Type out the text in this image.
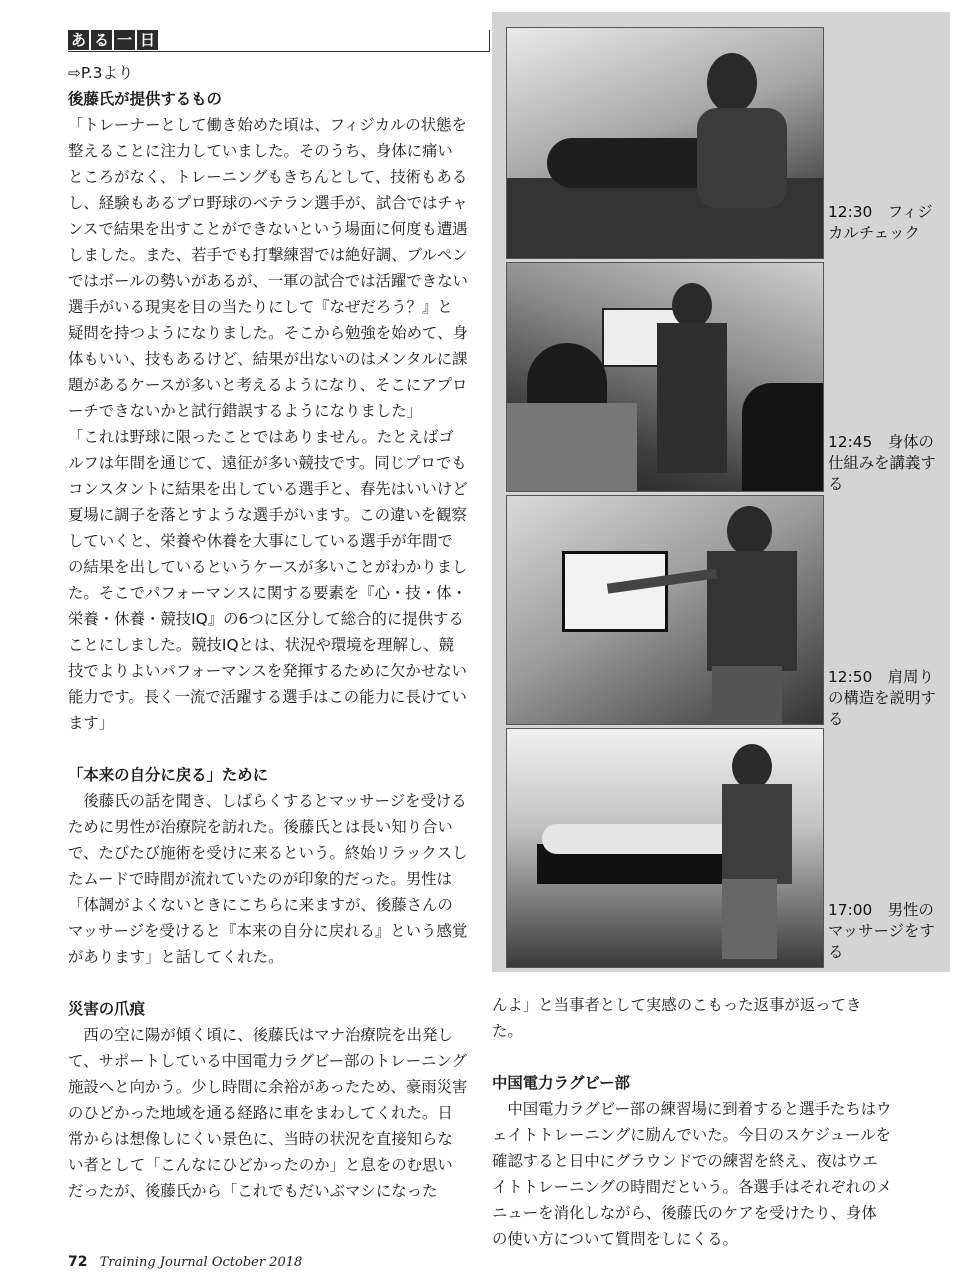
あ る 一 日

⇨P.3より

後藤氏が提供するもの

「トレーナーとして働き始めた頃は、フィジカルの状態を整えることに注力していました。そのうち、身体に痛いところがなく、トレーニングもきちんとして、技術もあるし、経験もあるプロ野球のベテラン選手が、試合ではチャンスで結果を出すことができないという場面に何度も遭遇しました。また、若手でも打撃練習では絶好調、ブルペンではボールの勢いがあるが、一軍の試合では活躍できない選手がいる現実を目の当たりにして『なぜだろう？』と疑問を持つようになりました。そこから勉強を始めて、身体もいい、技もあるけど、結果が出ないのはメンタルに課題があるケースが多いと考えるようになり、そこにアプローチできないかと試行錯誤するようになりました」

「これは野球に限ったことではありません。たとえばゴルフは年間を通じて、遠征が多い競技です。同じプロでもコンスタントに結果を出している選手と、春先はいいけど夏場に調子を落とすような選手がいます。この違いを観察していくと、栄養や休養を大事にしている選手が年間での結果を出しているというケースが多いことがわかりました。そこでパフォーマンスに関する要素を『心・技・体・栄養・休養・競技IQ』の6つに区分して総合的に提供することにしました。競技IQとは、状況や環境を理解し、競技でよりよいパフォーマンスを発揮するために欠かせない能力です。長く一流で活躍する選手はこの能力に長けています」

「本来の自分に戻る」ために

後藤氏の話を聞き、しばらくするとマッサージを受けるために男性が治療院を訪れた。後藤氏とは長い知り合いで、たびたび施術を受けに来るという。終始リラックスしたムードで時間が流れていたのが印象的だった。男性は「体調がよくないときにこちらに来ますが、後藤さんのマッサージを受けると『本来の自分に戻れる』という感覚があります」と話してくれた。

災害の爪痕

西の空に陽が傾く頃に、後藤氏はマナ治療院を出発して、サポートしている中国電力ラグビー部のトレーニング施設へと向かう。少し時間に余裕があったため、豪雨災害のひどかった地域を通る経路に車をまわしてくれた。日常からは想像しにくい景色に、当時の状況を直接知らない者として「こんなにひどかったのか」と息をのむ思いだったが、後藤氏から「これでもだいぶマシになった

12:30　フィジカルチェック
12:45　身体の仕組みを講義する
12:50　肩周りの構造を説明する
17:00　男性のマッサージをする

んよ」と当事者として実感のこもった返事が返ってきた。

中国電力ラグビー部

中国電力ラグビー部の練習場に到着すると選手たちはウェイトトレーニングに励んでいた。今日のスケジュールを確認すると日中にグラウンドでの練習を終え、夜はウエイトトレーニングの時間だという。各選手はそれぞれのメニューを消化しながら、後藤氏のケアを受けたり、身体の使い方について質問をしにくる。

72 Training Journal October 2018
